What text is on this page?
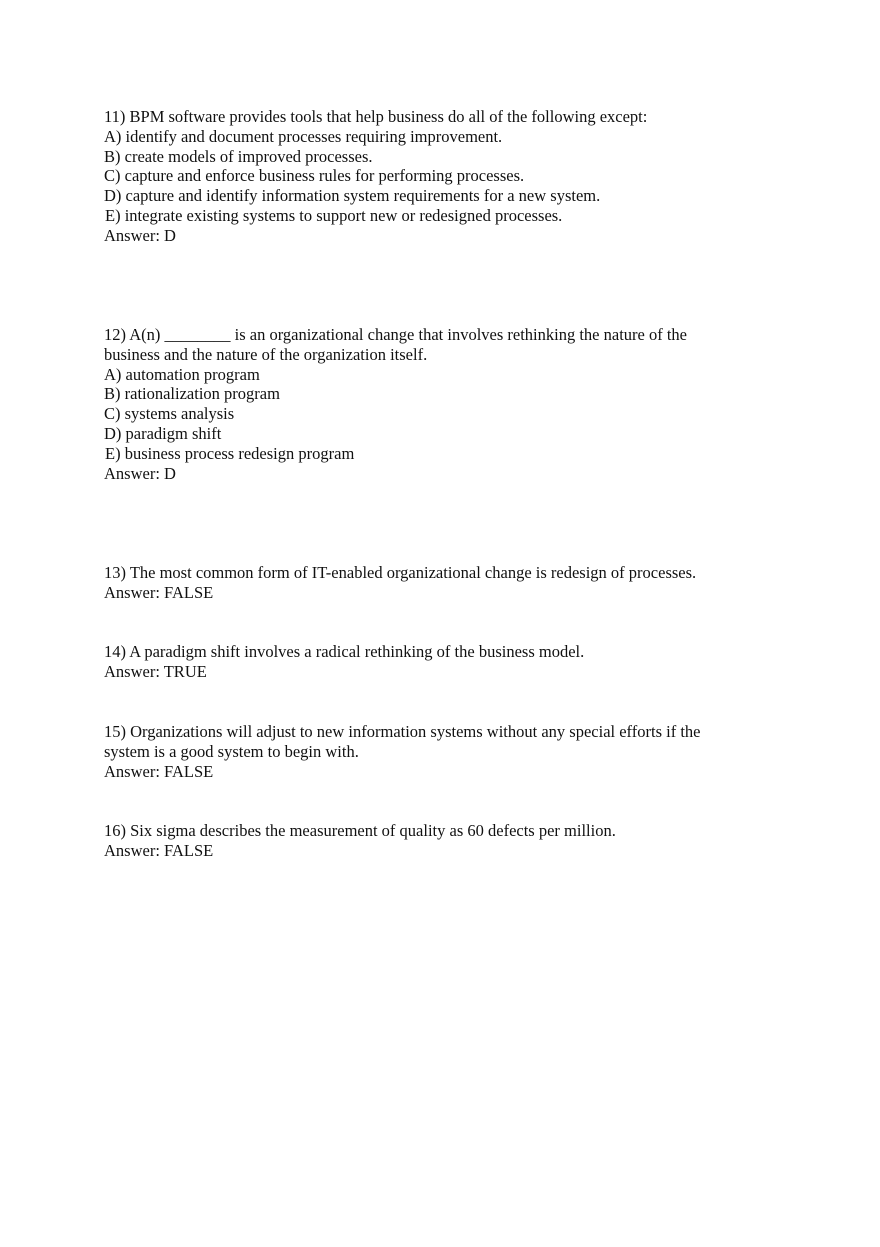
11) BPM software provides tools that help business do all of the following except:
A) identify and document processes requiring improvement.
B) create models of improved processes.
C) capture and enforce business rules for performing processes.
D) capture and identify information system requirements for a new system.
E) integrate existing systems to support new or redesigned processes.
Answer: D
12) A(n) ________ is an organizational change that involves rethinking the nature of the
business and the nature of the organization itself.
A) automation program
B) rationalization program
C) systems analysis
D) paradigm shift
E) business process redesign program
Answer: D
13) The most common form of IT-enabled organizational change is redesign of processes.
Answer: FALSE
14) A paradigm shift involves a radical rethinking of the business model.
Answer: TRUE
15) Organizations will adjust to new information systems without any special efforts if the
system is a good system to begin with.
Answer: FALSE
16) Six sigma describes the measurement of quality as 60 defects per million.
Answer: FALSE
